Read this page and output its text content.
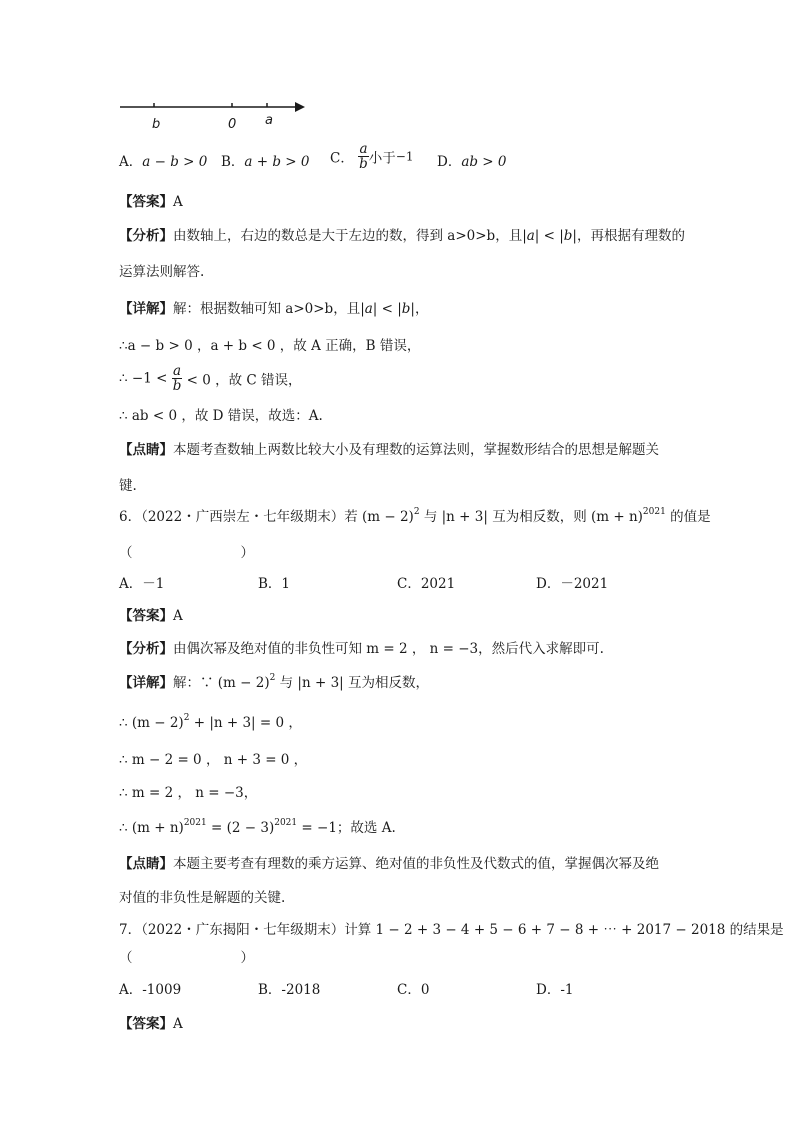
b	0 a
A．a − b > 0 B．a + b > 0 C． $\frac{a}{b}$ 小于−1 D．ab > 0
【答案】A
【分析】由数轴上，右边的数总是大于左边的数，得到 a>0>b，且|a| < |b|，再根据有理数的
运算法则解答.
【详解】解：根据数轴可知 a>0>b，且|a| < |b|，
∴a − b > 0 ，a + b < 0 ，故 A 正确，B 错误，
∴ $-1 < \frac{a}{b} < 0$ ，故 C 错误，
∴ ab < 0 ，故 D 错误，故选：A.
【点睛】本题考查数轴上两数比较大小及有理数的运算法则，掌握数形结合的思想是解题关
键.
6．（2022・广西崇左・七年级期末）若 $(m - 2)^2$ 与 |n + 3| 互为相反数，则 $(m + n)^{2021}$ 的值是
（　　　　　　　　）
A．－1	B．1	C．2021	D．－2021
【答案】A
【分析】由偶次幂及绝对值的非负性可知 m = 2 ， n = −3，然后代入求解即可.
【详解】解：∵ $(m - 2)^2$ 与 |n + 3| 互为相反数，
∴ $(m - 2)^2 + |n + 3| = 0$ ，
∴ m − 2 = 0 ， n + 3 = 0 ，
∴ m = 2 ， n = −3，
∴ $(m + n)^{2021} = (2 - 3)^{2021} = -1$；故选 A.
【点睛】本题主要考查有理数的乘方运算、绝对值的非负性及代数式的值，掌握偶次幂及绝
对值的非负性是解题的关键.
7．（2022・广东揭阳・七年级期末）计算 1 − 2 + 3 − 4 + 5 − 6 + 7 − 8 + ⋯ + 2017 − 2018 的结果是
（　　　　　　　　）
A．-1009	B．-2018	C．0	D．-1
【答案】A
